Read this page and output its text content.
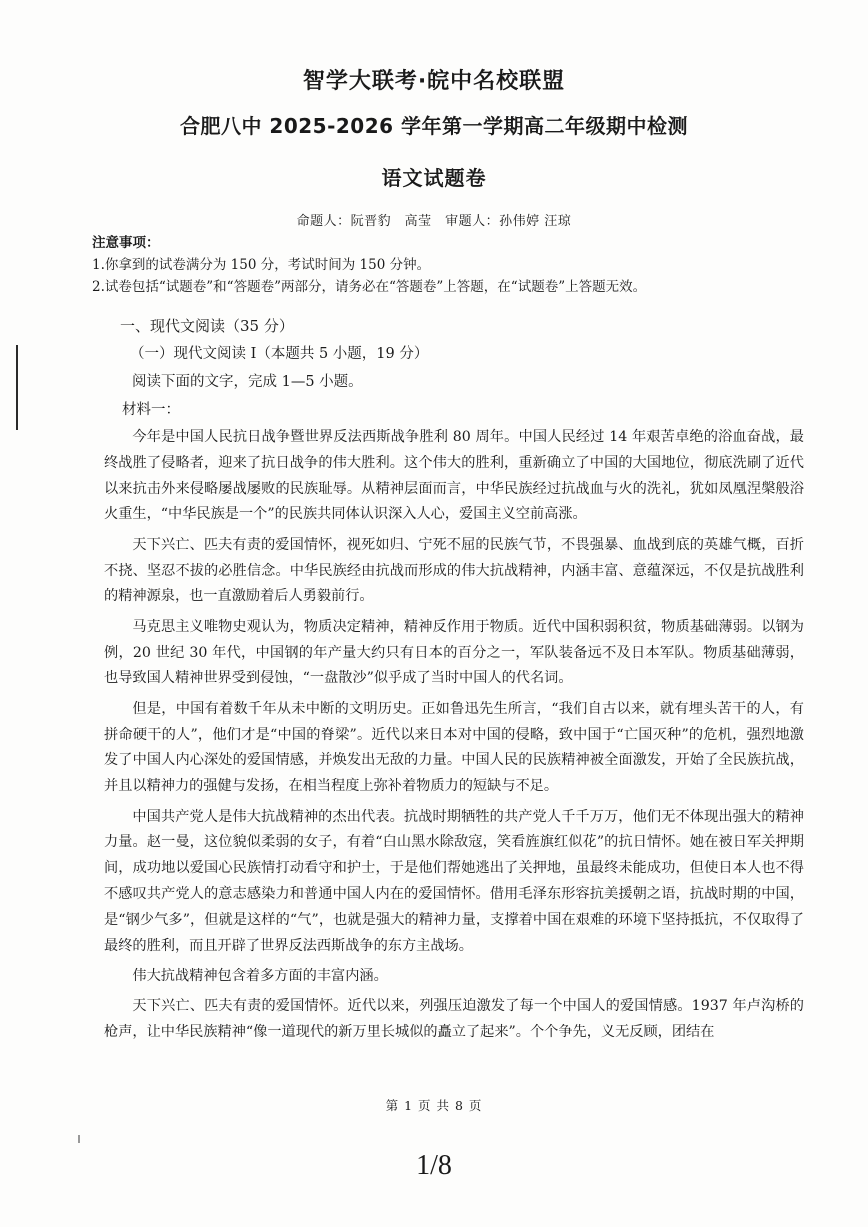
智学大联考·皖中名校联盟
合肥八中 2025-2026 学年第一学期高二年级期中检测
语文试题卷
命题人：阮晋豹　高莹　审题人：孙伟婷 汪琼
注意事项：
1.你拿到的试卷满分为 150 分，考试时间为 150 分钟。
2.试卷包括“试题卷”和“答题卷”两部分，请务必在“答题卷”上答题，在“试题卷”上答题无效。
一、现代文阅读（35 分）
（一）现代文阅读 I（本题共 5 小题，19 分）
阅读下面的文字，完成 1—5 小题。
材料一：

今年是中国人民抗日战争暨世界反法西斯战争胜利 80 周年。中国人民经过 14 年艰苦卓绝的浴血奋战，最终战胜了侵略者，迎来了抗日战争的伟大胜利。这个伟大的胜利，重新确立了中国的大国地位，彻底洗刷了近代以来抗击外来侵略屡战屡败的民族耻辱。从精神层面而言，中华民族经过抗战血与火的洗礼，犹如凤凰涅槃般浴火重生，“中华民族是一个”的民族共同体认识深入人心，爱国主义空前高涨。

天下兴亡、匹夫有责的爱国情怀，视死如归、宁死不屈的民族气节，不畏强暴、血战到底的英雄气概，百折不挠、坚忍不拔的必胜信念。中华民族经由抗战而形成的伟大抗战精神，内涵丰富、意蕴深远，不仅是抗战胜利的精神源泉，也一直激励着后人勇毅前行。

马克思主义唯物史观认为，物质决定精神，精神反作用于物质。近代中国积弱积贫，物质基础薄弱。以钢为例，20 世纪 30 年代，中国钢的年产量大约只有日本的百分之一，军队装备远不及日本军队。物质基础薄弱，也导致国人精神世界受到侵蚀，“一盘散沙”似乎成了当时中国人的代名词。

但是，中国有着数千年从未中断的文明历史。正如鲁迅先生所言，“我们自古以来，就有埋头苦干的人，有拼命硬干的人”，他们才是“中国的脊梁”。近代以来日本对中国的侵略，致中国于“亡国灭种”的危机，强烈地激发了中国人内心深处的爱国情感，并焕发出无敌的力量。中国人民的民族精神被全面激发，开始了全民族抗战，并且以精神力的强健与发扬，在相当程度上弥补着物质力的短缺与不足。

中国共产党人是伟大抗战精神的杰出代表。抗战时期牺牲的共产党人千千万万，他们无不体现出强大的精神力量。赵一曼，这位貌似柔弱的女子，有着“白山黑水除敌寇，笑看旌旗红似花”的抗日情怀。她在被日军关押期间，成功地以爱国心民族情打动看守和护士，于是他们帮她逃出了关押地，虽最终未能成功，但使日本人也不得不感叹共产党人的意志感染力和普通中国人内在的爱国情怀。借用毛泽东形容抗美援朝之语，抗战时期的中国，是“钢少气多”，但就是这样的“气”，也就是强大的精神力量，支撑着中国在艰难的环境下坚持抵抗，不仅取得了最终的胜利，而且开辟了世界反法西斯战争的东方主战场。

伟大抗战精神包含着多方面的丰富内涵。

天下兴亡、匹夫有责的爱国情怀。近代以来，列强压迫激发了每一个中国人的爱国情感。1937 年卢沟桥的枪声，让中华民族精神“像一道现代的新万里长城似的矗立了起来”。个个争先，义无反顾，团结在

第 1 页 共 8 页
1/8
